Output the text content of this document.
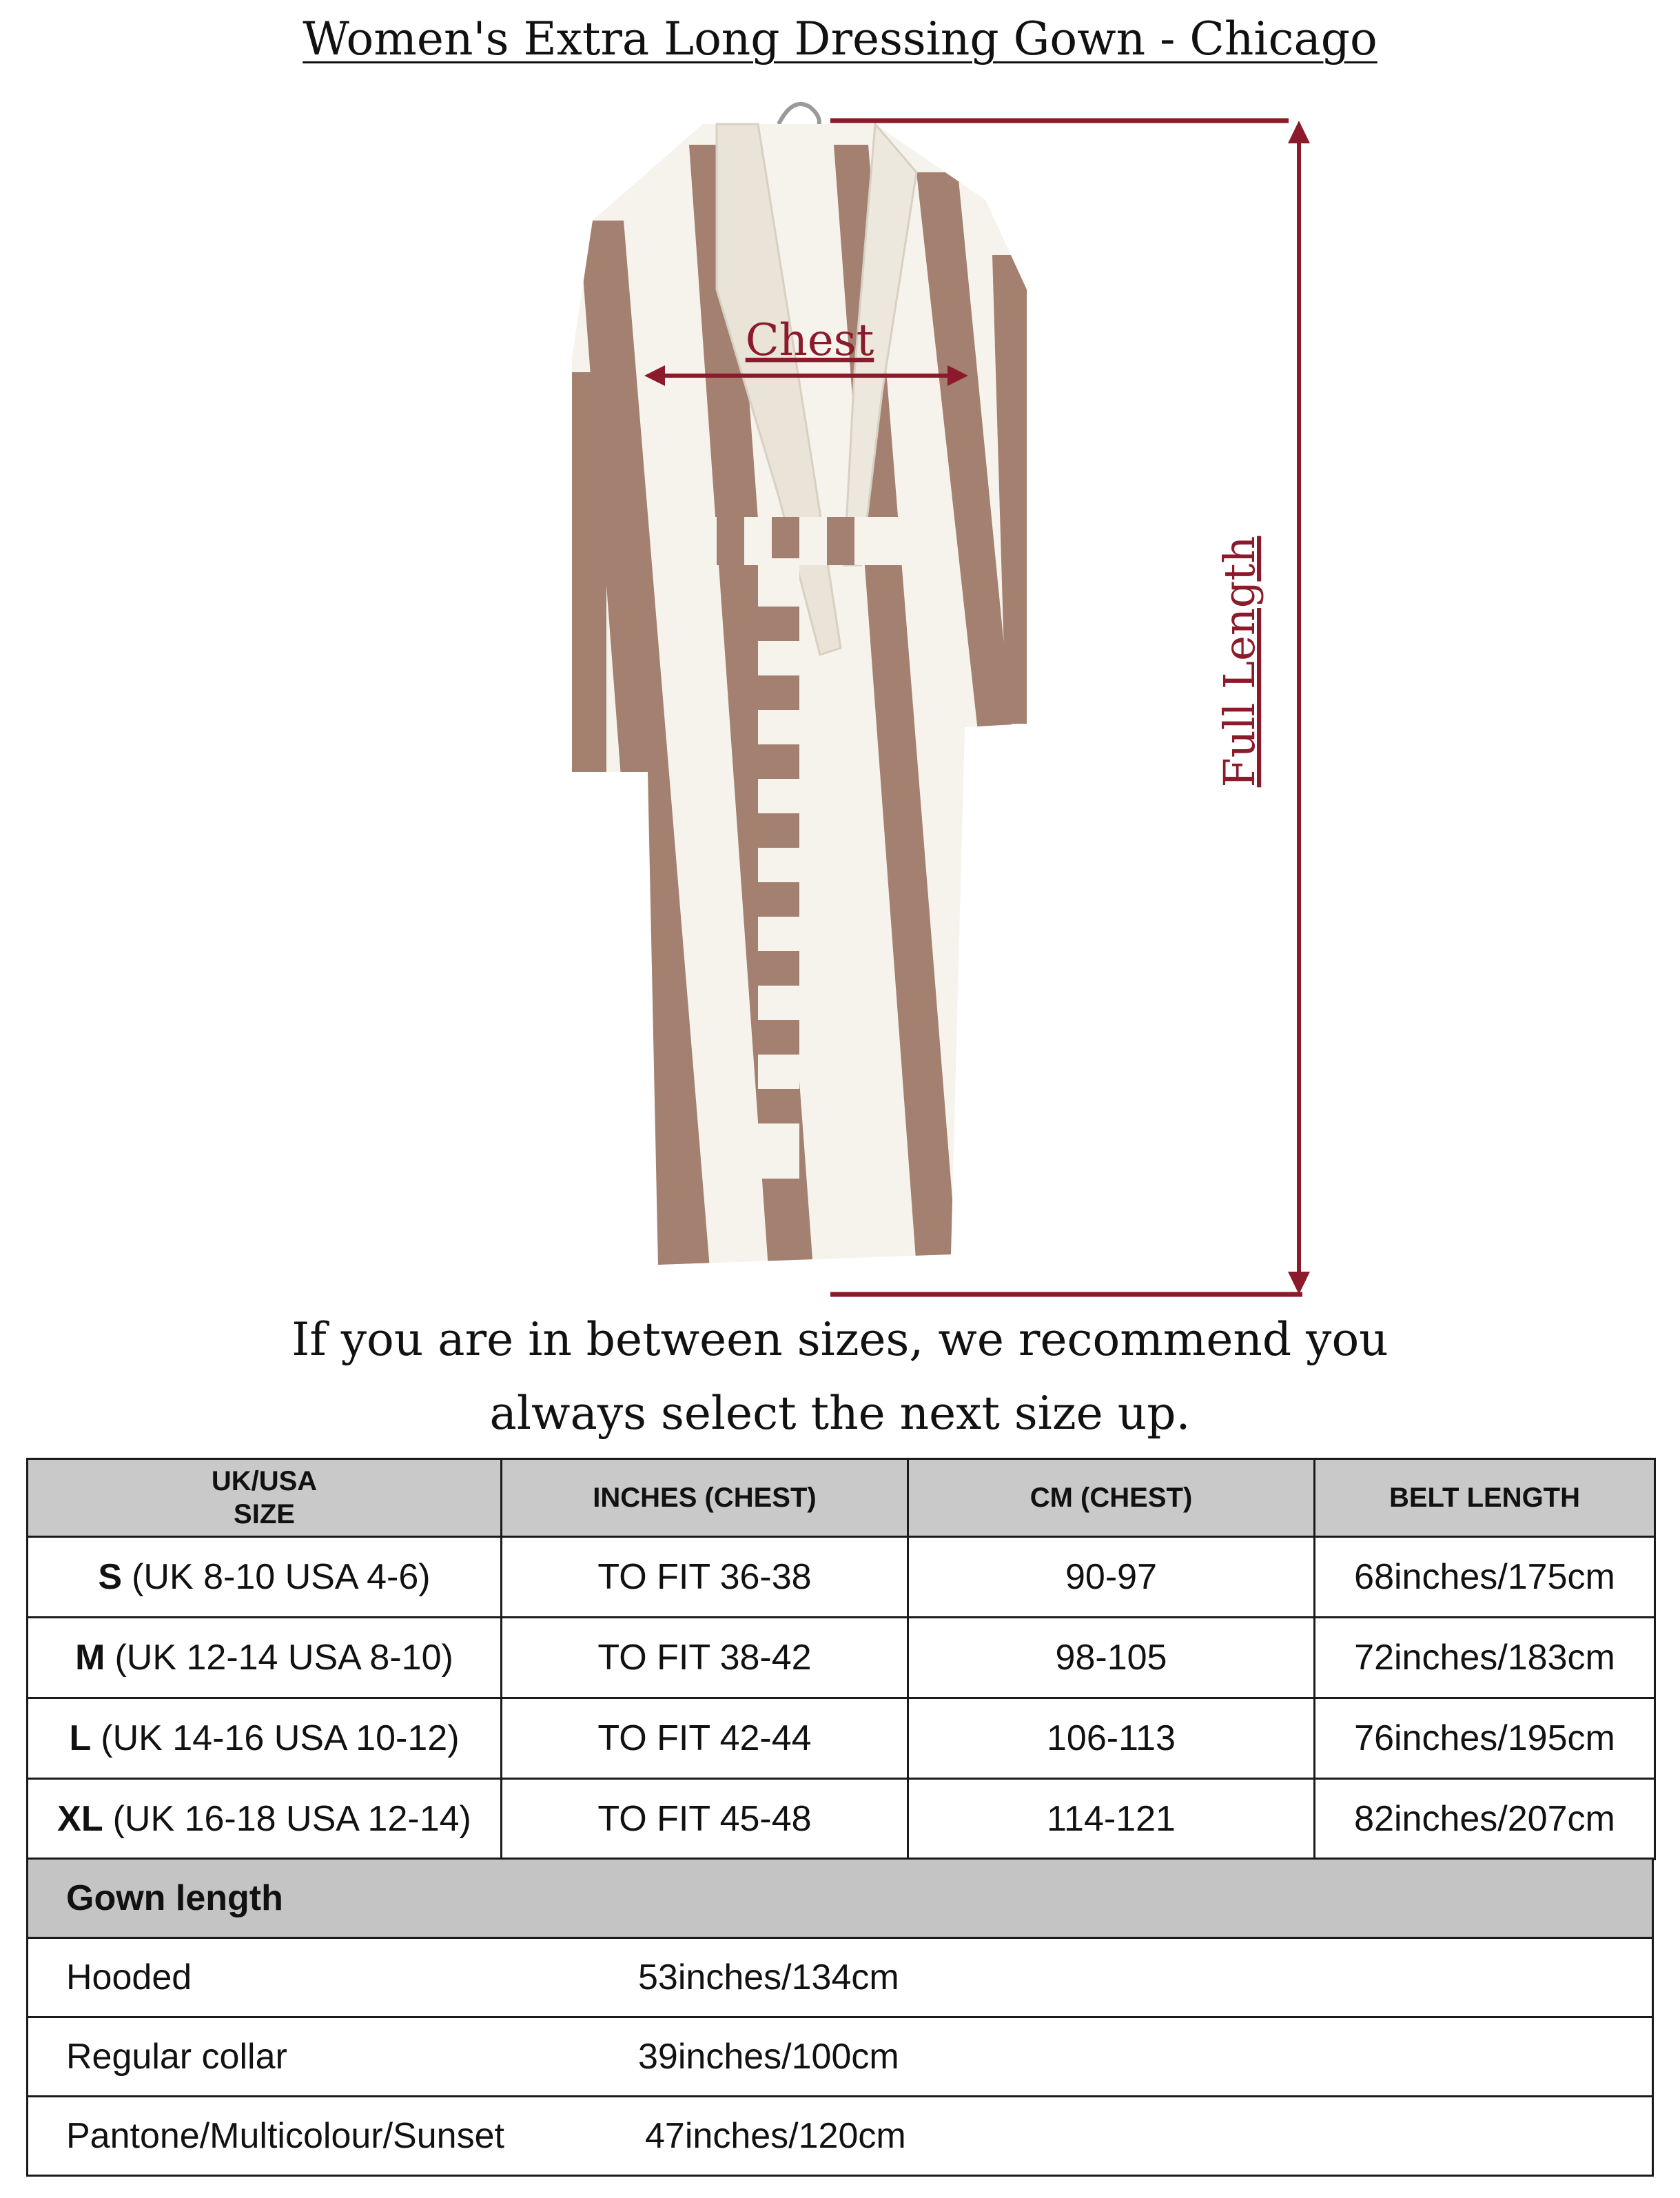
Women's Extra Long Dressing Gown - Chicago
Chest
Full Length
If you are in between sizes, we recommend you
always select the next size up.
UK/USA
SIZE	INCHES (CHEST)	CM (CHEST)	BELT LENGTH
S (UK 8-10 USA 4-6)	TO FIT 36-38	90-97	68inches/175cm
M (UK 12-14 USA 8-10)	TO FIT 38-42	98-105	72inches/183cm
L (UK 14-16 USA 10-12)	TO FIT 42-44	106-113	76inches/195cm
XL (UK 16-18 USA 12-14)	TO FIT 45-48	114-121	82inches/207cm
Gown length

Hooded	53inches/134cm

Regular collar	39inches/100cm

Pantone/Multicolour/Sunset	47inches/120cm
